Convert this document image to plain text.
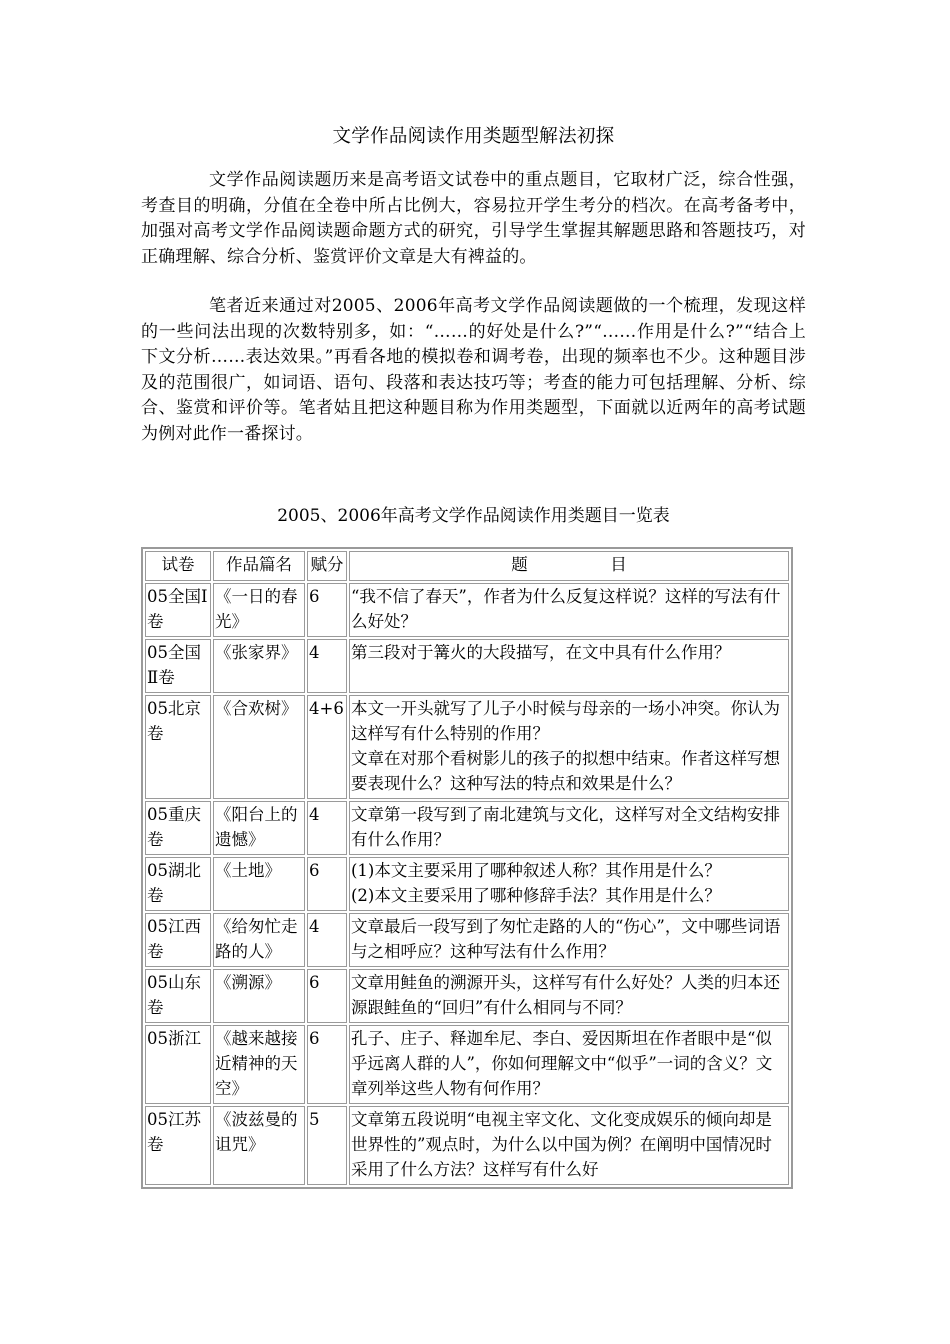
文学作品阅读作用类题型解法初探

文学作品阅读题历来是高考语文试卷中的重点题目，它取材广泛，综合性强，考查目的明确，分值在全卷中所占比例大，容易拉开学生考分的档次。在高考备考中，加强对高考文学作品阅读题命题方式的研究，引导学生掌握其解题思路和答题技巧，对正确理解、综合分析、鉴赏评价文章是大有裨益的。

笔者近来通过对2005、2006年高考文学作品阅读题做的一个梳理，发现这样的一些问法出现的次数特别多，如：“……的好处是什么?”“……作用是什么?”“结合上下文分析……表达效果。”再看各地的模拟卷和调考卷，出现的频率也不少。这种题目涉及的范围很广，如词语、语句、段落和表达技巧等；考查的能力可包括理解、分析、综合、鉴赏和评价等。笔者姑且把这种题目称为作用类题型，下面就以近两年的高考试题为例对此作一番探讨。

2005、2006年高考文学作品阅读作用类题目一览表
试卷	作品篇名	赋分	题　　　　　目
05全国Ⅰ卷	《一日的春光》	6	“我不信了春天”，作者为什么反复这样说？这样的写法有什么好处？

05全国Ⅱ卷	《张家界》	4	第三段对于篝火的大段描写，在文中具有什么作用？

05北京卷	《合欢树》	4+6	本文一开头就写了儿子小时候与母亲的一场小冲突。你认为这样写有什么特别的作用？
文章在对那个看树影儿的孩子的拟想中结束。作者这样写想要表现什么？这种写法的特点和效果是什么？

05重庆卷	《阳台上的遗憾》	4	文章第一段写到了南北建筑与文化，这样写对全文结构安排有什么作用？

05湖北卷	《土地》	6	(1)本文主要采用了哪种叙述人称？其作用是什么？
(2)本文主要采用了哪种修辞手法？其作用是什么？

05江西卷	《给匆忙走路的人》	4	文章最后一段写到了匆忙走路的人的“伤心”，文中哪些词语与之相呼应？这种写法有什么作用？

05山东卷	《溯源》	6	文章用鲑鱼的溯源开头，这样写有什么好处？人类的归本还源跟鲑鱼的“回归”有什么相同与不同？

05浙江	《越来越接近精神的天空》	6	孔子、庄子、释迦牟尼、李白、爱因斯坦在作者眼中是“似乎远离人群的人”，你如何理解文中“似乎”一词的含义？文章列举这些人物有何作用？

05江苏卷	《波兹曼的诅咒》	5	文章第五段说明“电视主宰文化、文化变成娱乐的倾向却是世界性的”观点时，为什么以中国为例？在阐明中国情况时采用了什么方法？这样写有什么好
